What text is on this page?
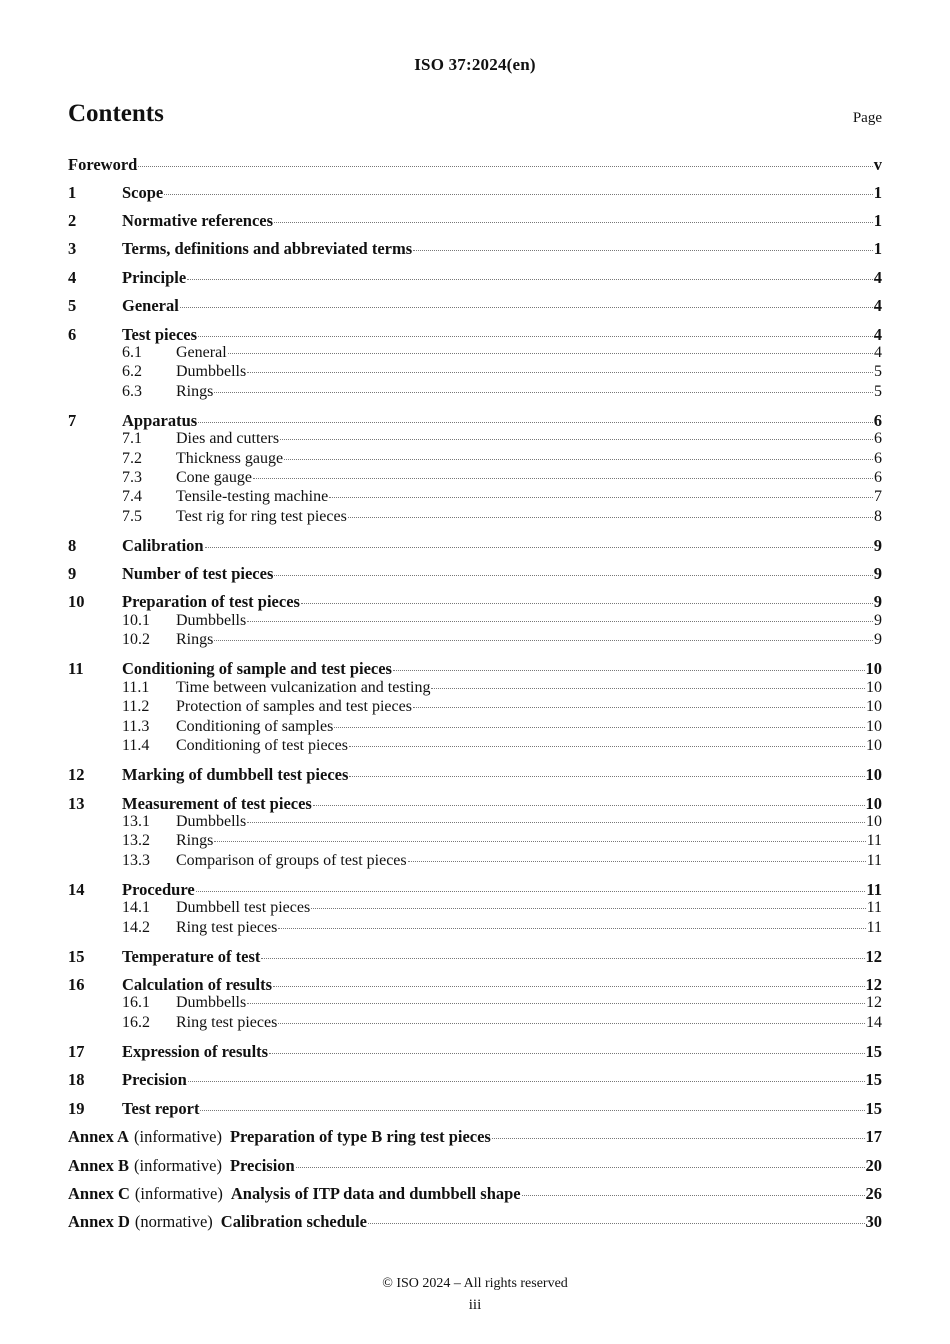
ISO 37:2024(en)
Contents	Page
Foreword	v
1	Scope	1
2	Normative references	1
3	Terms, definitions and abbreviated terms	1
4	Principle	4
5	General	4
6	Test pieces	4
6.1	General	4
6.2	Dumbbells	5
6.3	Rings	5
7	Apparatus	6
7.1	Dies and cutters	6
7.2	Thickness gauge	6
7.3	Cone gauge	6
7.4	Tensile-testing machine	7
7.5	Test rig for ring test pieces	8
8	Calibration	9
9	Number of test pieces	9
10	Preparation of test pieces	9
10.1	Dumbbells	9
10.2	Rings	9
11	Conditioning of sample and test pieces	10
11.1	Time between vulcanization and testing	10
11.2	Protection of samples and test pieces	10
11.3	Conditioning of samples	10
11.4	Conditioning of test pieces	10
12	Marking of dumbbell test pieces	10
13	Measurement of test pieces	10
13.1	Dumbbells	10
13.2	Rings	11
13.3	Comparison of groups of test pieces	11
14	Procedure	11
14.1	Dumbbell test pieces	11
14.2	Ring test pieces	11
15	Temperature of test	12
16	Calculation of results	12
16.1	Dumbbells	12
16.2	Ring test pieces	14
17	Expression of results	15
18	Precision	15
19	Test report	15
Annex A (informative) Preparation of type B ring test pieces	17
Annex B (informative) Precision	20
Annex C (informative) Analysis of ITP data and dumbbell shape	26
Annex D (normative) Calibration schedule	30
© ISO 2024 – All rights reserved
iii
